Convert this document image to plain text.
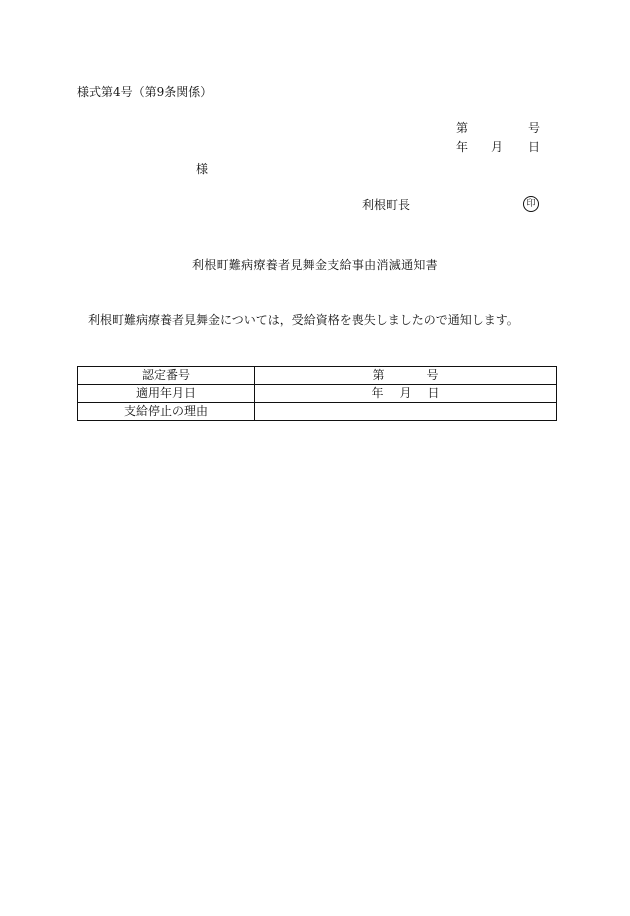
様式第4号（第9条関係）
第	号
年 月 日
様
利根町長	印
利根町難病療養者見舞金支給事由消滅通知書
利根町難病療養者見舞金については，受給資格を喪失しましたので通知します。
認定番号	第 号
適用年月日	年 月 日
支給停止の理由	
